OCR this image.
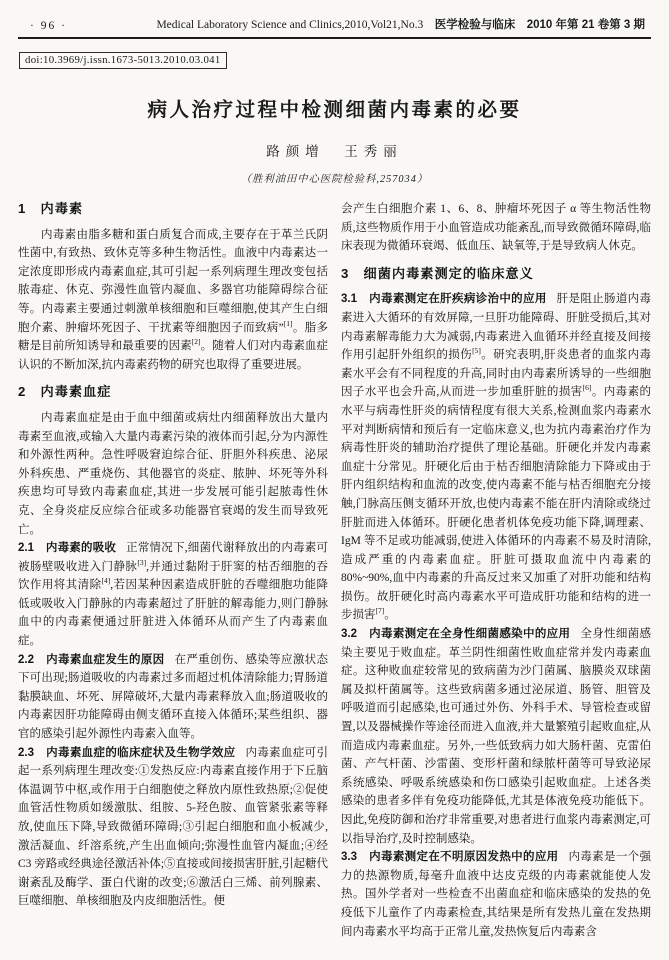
· 96 ·	Medical Laboratory Science and Clinics,2010,Vol21,No.3 医学检验与临床　2010 年第 21 卷第 3 期
doi:10.3969/j.issn.1673-5013.2010.03.041
病人治疗过程中检测细菌内毒素的必要
路颜增　王秀丽
（胜利油田中心医院检验科,257034）
1　内毒素

内毒素由脂多糖和蛋白质复合而成,主要存在于革兰氏阴性菌中,有致热、致休克等多种生物活性。血液中内毒素达一定浓度即形成内毒素血症,其可引起一系列病理生理改变包括脓毒症、休克、弥漫性血管内凝血、多器官功能障碍综合征等。内毒素主要通过刺激单核细胞和巨噬细胞,使其产生白细胞介素、肿瘤坏死因子、干扰素等细胞因子而致病”[1]。脂多糖是目前所知诱导和最重要的因素[2]。随着人们对内毒素血症认识的不断加深,抗内毒素药物的研究也取得了重要进展。

2　内毒素血症

内毒素血症是由于血中细菌或病灶内细菌释放出大量内毒素至血液,或输入大量内毒素污染的液体而引起,分为内源性和外源性两种。急性呼吸窘迫综合征、肝胆外科疾患、泌尿外科疾患、严重烧伤、其他器官的炎症、脓肿、坏死等外科疾患均可导致内毒素血症,其进一步发展可能引起脓毒性休克、全身炎症反应综合征或多功能器官衰竭的发生而导致死亡。

2.1　内毒素的吸收 正常情况下,细菌代谢释放出的内毒素可被肠壁吸收进入门静脉[3],并通过黏附于肝窦的枯否细胞的吞饮作用将其清除[4],若因某种因素造成肝脏的吞噬细胞功能降低或吸收入门静脉的内毒素超过了肝脏的解毒能力,则门静脉血中的内毒素便通过肝脏进入体循环从而产生了内毒素血症。

2.2　内毒素血症发生的原因 在严重创伤、感染等应激状态下可出现;肠道吸收的内毒素过多而超过机体清除能力;胃肠道黏膜缺血、坏死、屏障破坏,大量内毒素释放入血;肠道吸收的内毒素因肝功能障碍由侧支循环直接入体循环;某些组织、器官的感染引起外源性内毒素入血等。

2.3　内毒素血症的临床症状及生物学效应 内毒素血症可引起一系列病理生理改变:①发热反应:内毒素直接作用于下丘脑体温调节中枢,或作用于白细胞使之释放内原性致热原;②促使血管活性物质如缓激肽、组胺、5-羟色胺、血管紧张素等释放,使血压下降,导致微循环障碍;③引起白细胞和血小板减少,激活凝血、纤溶系统,产生出血倾向;弥漫性血管内凝血;④经 C3 旁路或经典途径激活补体;⑤直接或间接损害肝脏,引起糖代谢紊乱及酶学、蛋白代谢的改变;⑥激活白三烯、前列腺素、巨噬细胞、单核细胞及内皮细胞活性。便

会产生白细胞介素 1、6、8、肿瘤坏死因子 α 等生物活性物质,这些物质作用于小血管造成功能紊乱,而导致微循环障碍,临床表现为微循环衰竭、低血压、缺氧等,于是导致病人休克。

3　细菌内毒素测定的临床意义

3.1　内毒素测定在肝疾病诊治中的应用 肝是阻止肠道内毒素进入大循环的有效屏障,一旦肝功能障碍、肝脏受损后,其对内毒素解毒能力大为减弱,内毒素进入血循环并经直接及间接作用引起肝外组织的损伤[5]。研究表明,肝炎患者的血浆内毒素水平会有不同程度的升高,同时由内毒素所诱导的一些细胞因子水平也会升高,从而进一步加重肝脏的损害[6]。内毒素的水平与病毒性肝炎的病情程度有很大关系,检测血浆内毒素水平对判断病情和预后有一定临床意义,也为抗内毒素治疗作为病毒性肝炎的辅助治疗提供了理论基础。肝硬化并发内毒素血症十分常见。肝硬化后由于枯否细胞清除能力下降或由于肝内组织结构和血流的改变,使内毒素不能与枯否细胞充分接触,门脉高压侧支循环开放,也使内毒素不能在肝内清除或绕过肝脏而进入体循环。肝硬化患者机体免疫功能下降,调理素、IgM 等不足或功能减弱,使进入体循环的内毒素不易及时清除,造成严重的内毒素血症。肝脏可摄取血流中内毒素的 80%~90%,血中内毒素的升高反过来又加重了对肝功能和结构损伤。故肝硬化时高内毒素水平可造成肝功能和结构的进一步损害[7]。

3.2　内毒素测定在全身性细菌感染中的应用 全身性细菌感染主要见于败血症。革兰阴性细菌性败血症常并发内毒素血症。这种败血症较常见的致病菌为沙门菌属、脑膜炎双球菌属及拟杆菌属等。这些致病菌多通过泌尿道、肠管、胆管及呼吸道而引起感染,也可通过外伤、外科手术、导管检查或留置,以及器械操作等途径而进入血液,并大量繁殖引起败血症,从而造成内毒素血症。另外,一些低致病力如大肠杆菌、克雷伯菌、产气杆菌、沙雷菌、变形杆菌和绿脓杆菌等可导致泌尿系统感染、呼吸系统感染和伤口感染引起败血症。上述各类感染的患者多伴有免疫功能降低,尤其是体液免疫功能低下。因此,免疫防御和治疗非常重要,对患者进行血浆内毒素测定,可以指导治疗,及时控制感染。

3.3　内毒素测定在不明原因发热中的应用 内毒素是一个强力的热源物质,每毫升血液中达皮克级的内毒素就能使人发热。国外学者对一些检查不出菌血症和临床感染的发热的免疫低下儿童作了内毒素检查,其结果是所有发热儿童在发热期间内毒素水平均高于正常儿童,发热恢复后内毒素含
